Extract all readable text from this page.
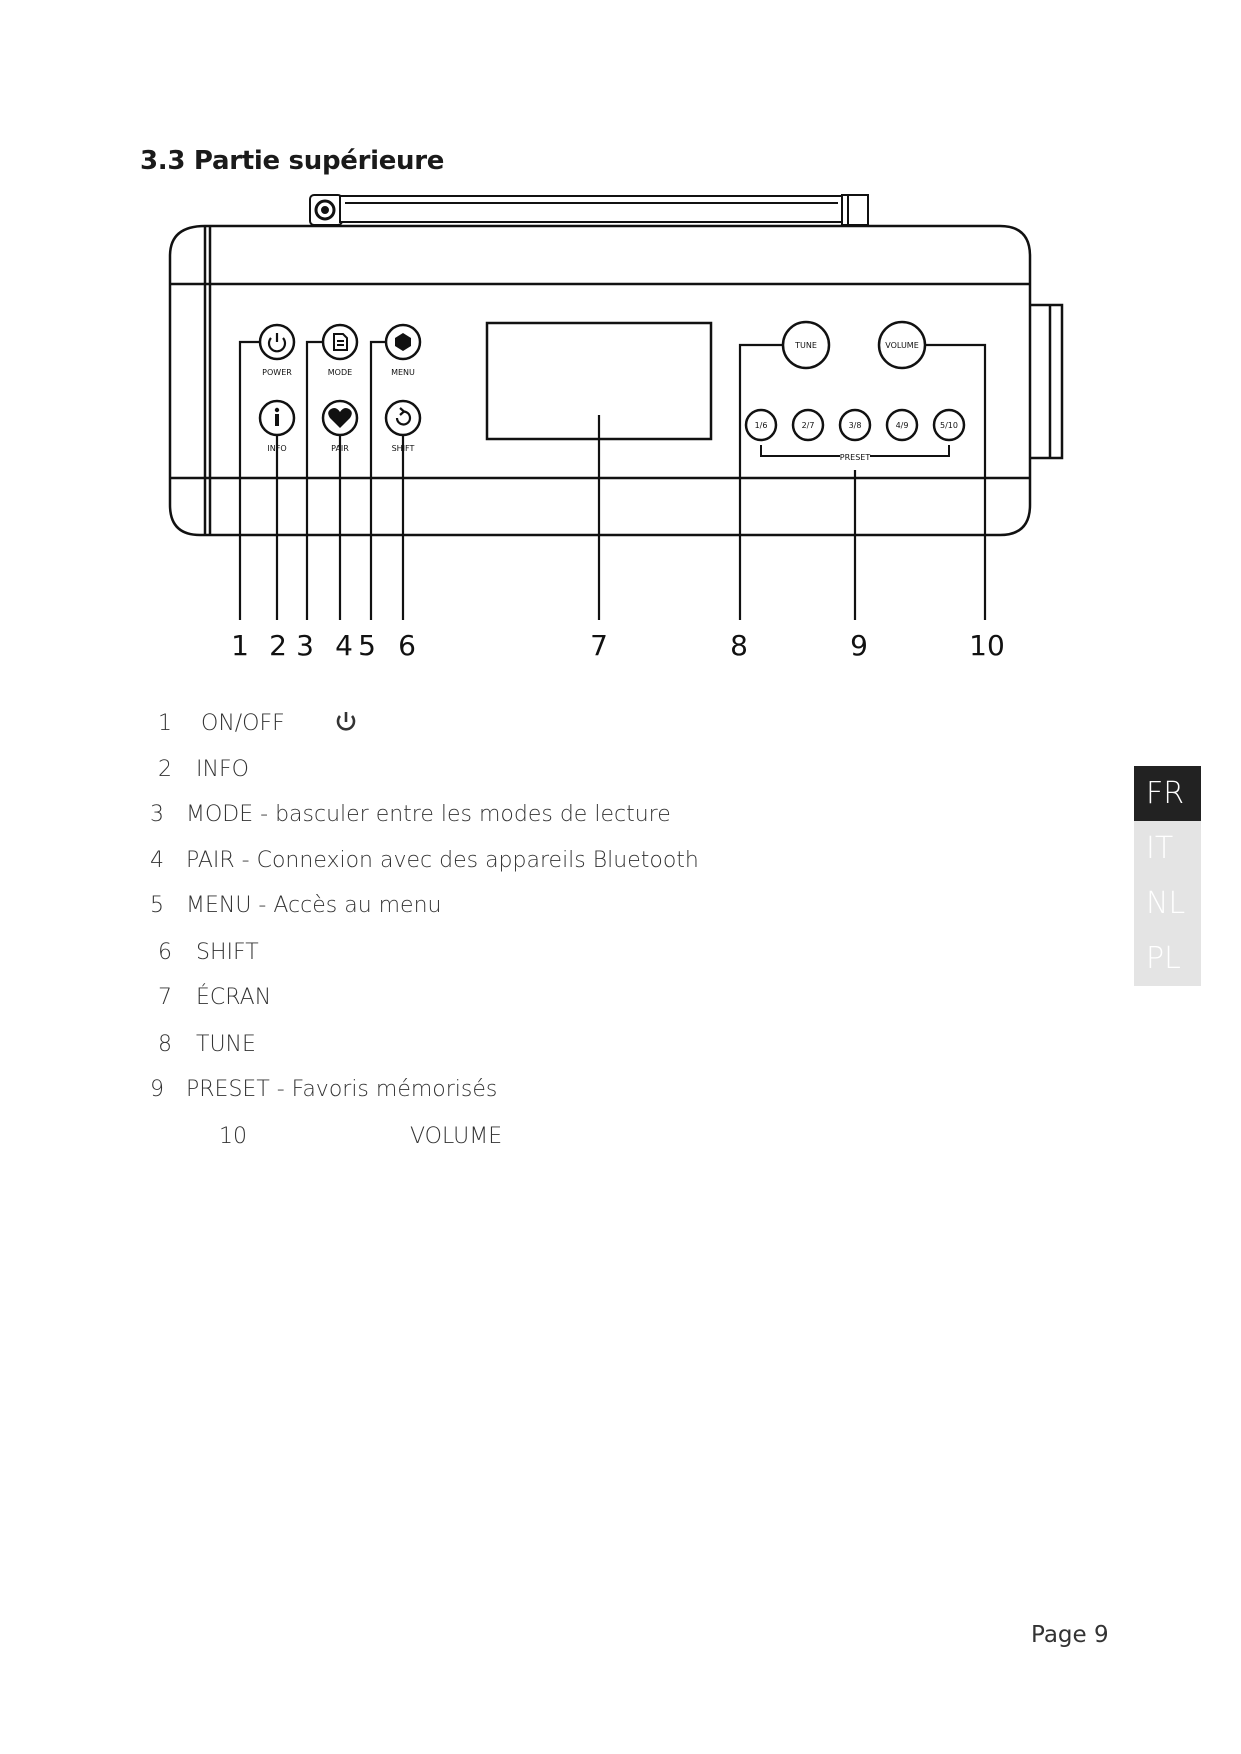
3.3 Partie supérieure
POWER	MODE	MENU
INFO	PAIR	SHIFT
TUNE	VOLUME
PRESET
1/6	2/7	3/8	4/9	5/10
1 2 3 4 5 6	7	8	9	10
1 ON/OFF
2 INFO
3 MODE - basculer entre les modes de lecture
4 PAIR - Connexion avec des appareils Bluetooth
5 MENU - Accès au menu
6 SHIFT
7 ÉCRAN
8 TUNE
9 PRESET - Favoris mémorisés
10	VOLUME
FR
IT
NL
PL
Page 9
